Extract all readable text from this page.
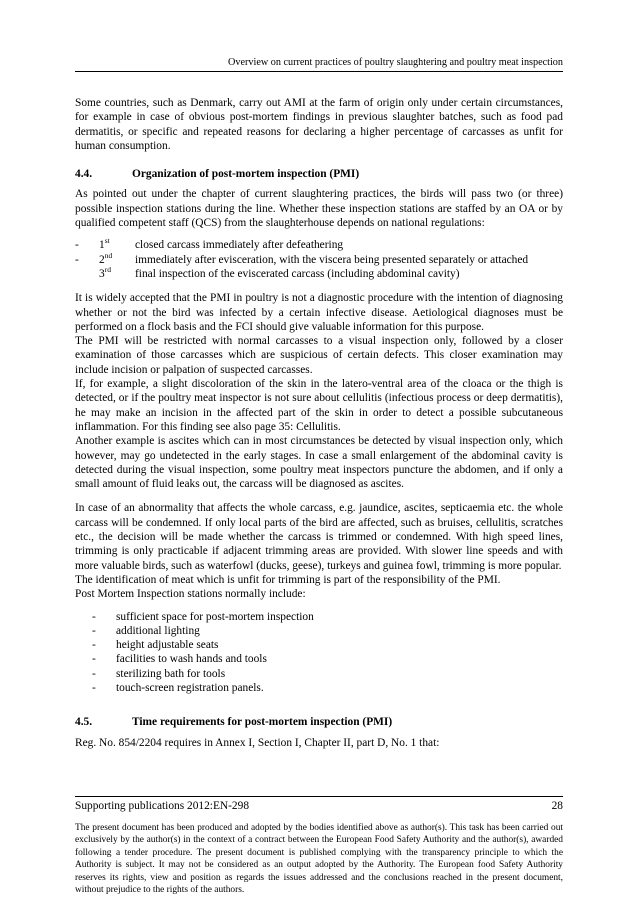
Overview on current practices of poultry slaughtering and poultry meat inspection

Some countries, such as Denmark, carry out AMI at the farm of origin only under certain circumstances, for example in case of obvious post-mortem findings in previous slaughter batches, such as food pad dermatitis, or specific and repeated reasons for declaring a higher percentage of carcasses as unfit for human consumption.

4.4.	Organization of post-mortem inspection (PMI)

As pointed out under the chapter of current slaughtering practices, the birds will pass two (or three) possible inspection stations during the line. Whether these inspection stations are staffed by an OA or by qualified competent staff (QCS) from the slaughterhouse depends on national regulations:

-	1st	closed carcass immediately after defeathering
-	2nd	immediately after evisceration, with the viscera being presented separately or attached
3rd	final inspection of the eviscerated carcass (including abdominal cavity)

It is widely accepted that the PMI in poultry is not a diagnostic procedure with the intention of diagnosing whether or not the bird was infected by a certain infective disease. Aetiological diagnoses must be performed on a flock basis and the FCI should give valuable information for this purpose.

The PMI will be restricted with normal carcasses to a visual inspection only, followed by a closer examination of those carcasses which are suspicious of certain defects. This closer examination may include incision or palpation of suspected carcasses.

If, for example, a slight discoloration of the skin in the latero-ventral area of the cloaca or the thigh is detected, or if the poultry meat inspector is not sure about cellulitis (infectious process or deep dermatitis), he may make an incision in the affected part of the skin in order to detect a possible subcutaneous inflammation. For this finding see also page 35: Cellulitis.

Another example is ascites which can in most circumstances be detected by visual inspection only, which however, may go undetected in the early stages. In case a small enlargement of the abdominal cavity is detected during the visual inspection, some poultry meat inspectors puncture the abdomen, and if only a small amount of fluid leaks out, the carcass will be diagnosed as ascites.

In case of an abnormality that affects the whole carcass, e.g. jaundice, ascites, septicaemia etc. the whole carcass will be condemned. If only local parts of the bird are affected, such as bruises, cellulitis, scratches etc., the decision will be made whether the carcass is trimmed or condemned. With high speed lines, trimming is only practicable if adjacent trimming areas are provided. With slower line speeds and with more valuable birds, such as waterfowl (ducks, geese), turkeys and guinea fowl, trimming is more popular.

The identification of meat which is unfit for trimming is part of the responsibility of the PMI.

Post Mortem Inspection stations normally include:

-	sufficient space for post-mortem inspection
-	additional lighting
-	height adjustable seats
-	facilities to wash hands and tools
-	sterilizing bath for tools
-	touch-screen registration panels.
4.5.	Time requirements for post-mortem inspection (PMI)

Reg. No. 854/2204 requires in Annex I, Section I, Chapter II, part D, No. 1 that:

Supporting publications 2012:EN-298	28
The present document has been produced and adopted by the bodies identified above as author(s). This task has been carried out exclusively by the author(s) in the context of a contract between the European Food Safety Authority and the author(s), awarded following a tender procedure. The present document is published complying with the transparency principle to which the Authority is subject. It may not be considered as an output adopted by the Authority. The European food Safety Authority reserves its rights, view and position as regards the issues addressed and the conclusions reached in the present document, without prejudice to the rights of the authors.
